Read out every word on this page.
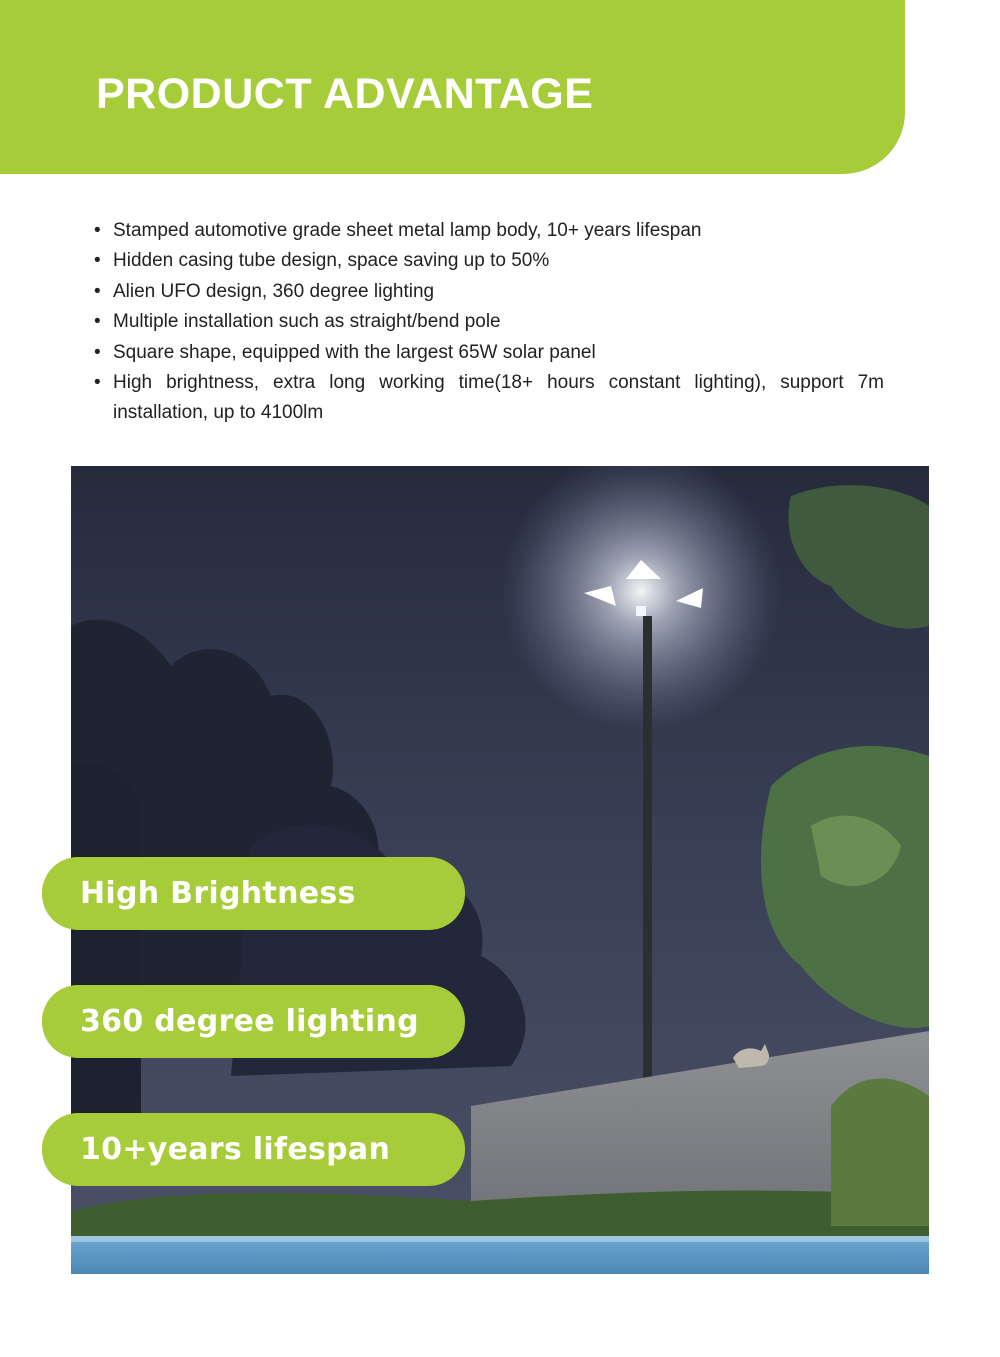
PRODUCT ADVANTAGE
• Stamped automotive grade sheet metal lamp body, 10+ years lifespan
• Hidden casing tube design, space saving up to 50%
• Alien UFO design, 360 degree lighting
• Multiple installation such as straight/bend pole
• Square shape, equipped with the largest 65W solar panel
• High brightness, extra long working time(18+ hours constant lighting), support 7m installation, up to 4100lm
High Brightness
360 degree lighting
10+years lifespan
